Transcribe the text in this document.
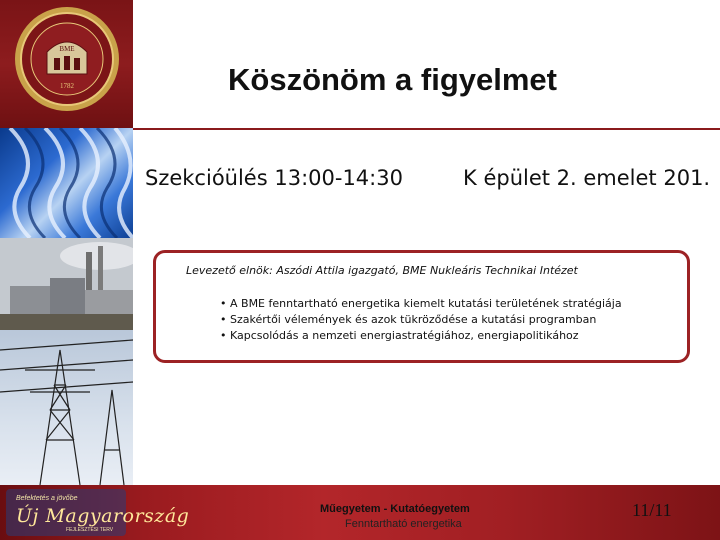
BME
1782
Befektetés a jövőbe
Új Magyarország
FEJLESZTÉSI TERV
Műegyetem - Kutatóegyetem
Fenntartható energetika
11/11
Köszönöm a figyelmet
Szekcióülés 13:00-14:30	K épület 2. emelet 201.
Levezető elnök: Aszódi Attila igazgató, BME Nukleáris Technikai Intézet
• A BME fenntartható energetika kiemelt kutatási területének stratégiája
• Szakértői vélemények és azok tükröződése a kutatási programban
• Kapcsolódás a nemzeti energiastratégiához, energiapolitikához
